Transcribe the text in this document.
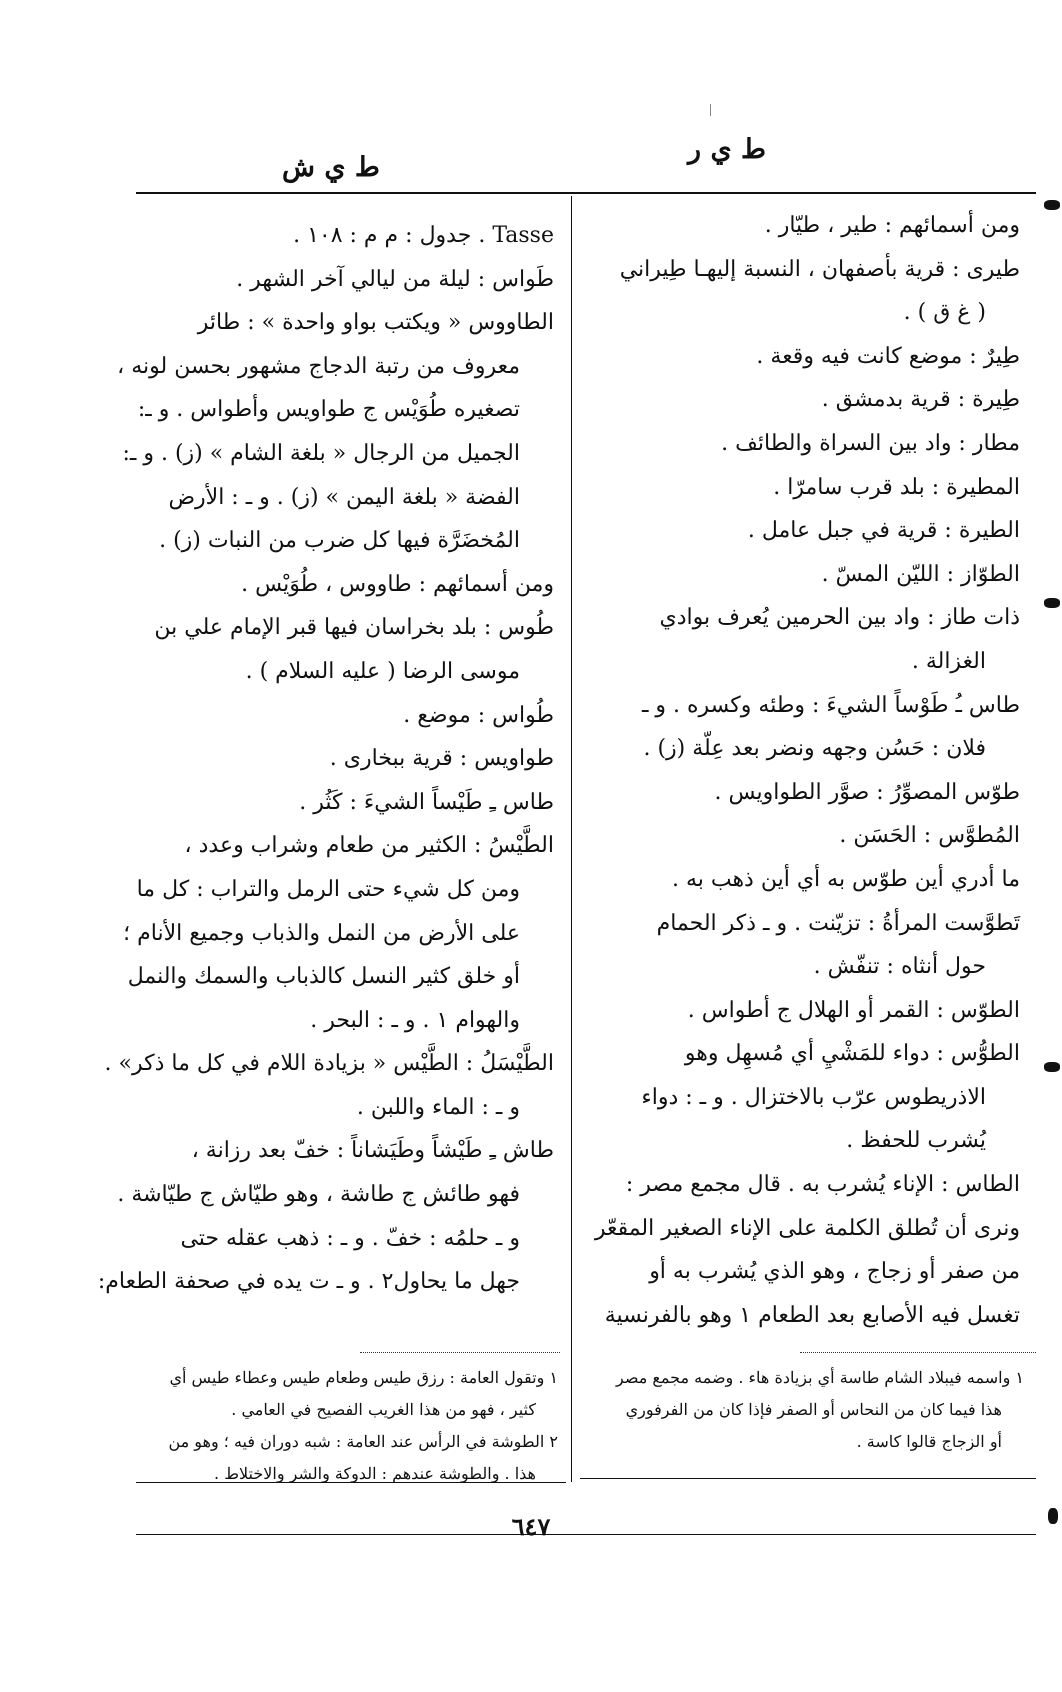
ط ي ر
ط ي ش
ومن أسمائهم : طير ، طيّار .
طيرى : قرية بأصفهان ، النسبة إليهـا طِيراني
( غ ق ) .
طِيرٌ : موضع كانت فيه وقعة .
طِيرة : قرية بدمشق .
مطار : واد بين السراة والطائف .
المطيرة : بلد قرب سامرّا .
الطيرة : قرية في جبل عامل .
الطوّاز : الليّن المسّ .
ذات طاز : واد بين الحرمين يُعرف بوادي
الغزالة .
طاس ـُ طَوْساً الشيءَ : وطئه وكسره . و ـ
فلان : حَسُن وجهه ونضر بعد عِلّة (ز) .
طوّس المصوِّرُ : صوَّر الطواويس .
المُطوَّس : الحَسَن .
ما أدري أين طوّس به أي أين ذهب به .
تَطوَّست المرأةُ : تزيّنت . و ـ ذكر الحمام
حول أنثاه : تنفّش .
الطوّس : القمر أو الهلال ج أطواس .
الطوُّس : دواء للمَشْيِ أي مُسهِل وهو
الاذريطوس عرّب بالاختزال . و ـ : دواء
يُشرب للحفظ .
الطاس : الإناء يُشرب به . قال مجمع مصر :
ونرى أن تُطلق الكلمة على الإناء الصغير المقعّر
من صفر أو زجاج ، وهو الذي يُشرب به أو
تغسل فيه الأصابع بعد الطعام ١ وهو بالفرنسية
Tasse . جدول : م م : ١٠٨ .
طَواس : ليلة من ليالي آخر الشهر .
الطاووس « ويكتب بواو واحدة » : طائر
معروف من رتبة الدجاج مشهور بحسن لونه ،
تصغيره طُوَيْس ج طواويس وأطواس . و ـ:
الجميل من الرجال « بلغة الشام » (ز) . و ـ:
الفضة « بلغة اليمن » (ز) . و ـ : الأرض
المُخضَرَّة فيها كل ضرب من النبات (ز) .
ومن أسمائهم : طاووس ، طُوَيْس .
طُوس : بلد بخراسان فيها قبر الإمام علي بن
موسى الرضا ( عليه السلام ) .
طُواس : موضع .
طواويس : قرية ببخارى .
طاس ـِ طَيْساً الشيءَ : كَثُر .
الطَّيْسُ : الكثير من طعام وشراب وعدد ،
ومن كل شيء حتى الرمل والتراب : كل ما
على الأرض من النمل والذباب وجميع الأنام ؛
أو خلق كثير النسل كالذباب والسمك والنمل
والهوام ١ . و ـ : البحر .
الطَّيْسَلُ : الطَّيْس « بزيادة اللام في كل ما ذكر» .
و ـ : الماء واللبن .
طاش ـِ طَيْشاً وطَيَشاناً : خفّ بعد رزانة ،
فهو طائش ج طاشة ، وهو طيّاش ج طيّاشة .
و ـ حلمُه : خفّ . و ـ : ذهب عقله حتى
جهل ما يحاول٢ . و ـ ت يده في صحفة الطعام:
١ واسمه فيبلاد الشام طاسة أي بزيادة هاء . وضمه مجمع مصر
هذا فيما كان من النحاس أو الصفر فإذا كان من الفرفوري
أو الزجاج قالوا كاسة .
١ وتقول العامة : رزق طيس وطعام طيس وعطاء طيس أي
كثير ، فهو من هذا الغريب الفصيح في العامي .
٢ الطوشة في الرأس عند العامة : شبه دوران فيه ؛ وهو من
هذا . والطوشة عندهم : الدوكة والشر والاختلاط .
٦٤٧
